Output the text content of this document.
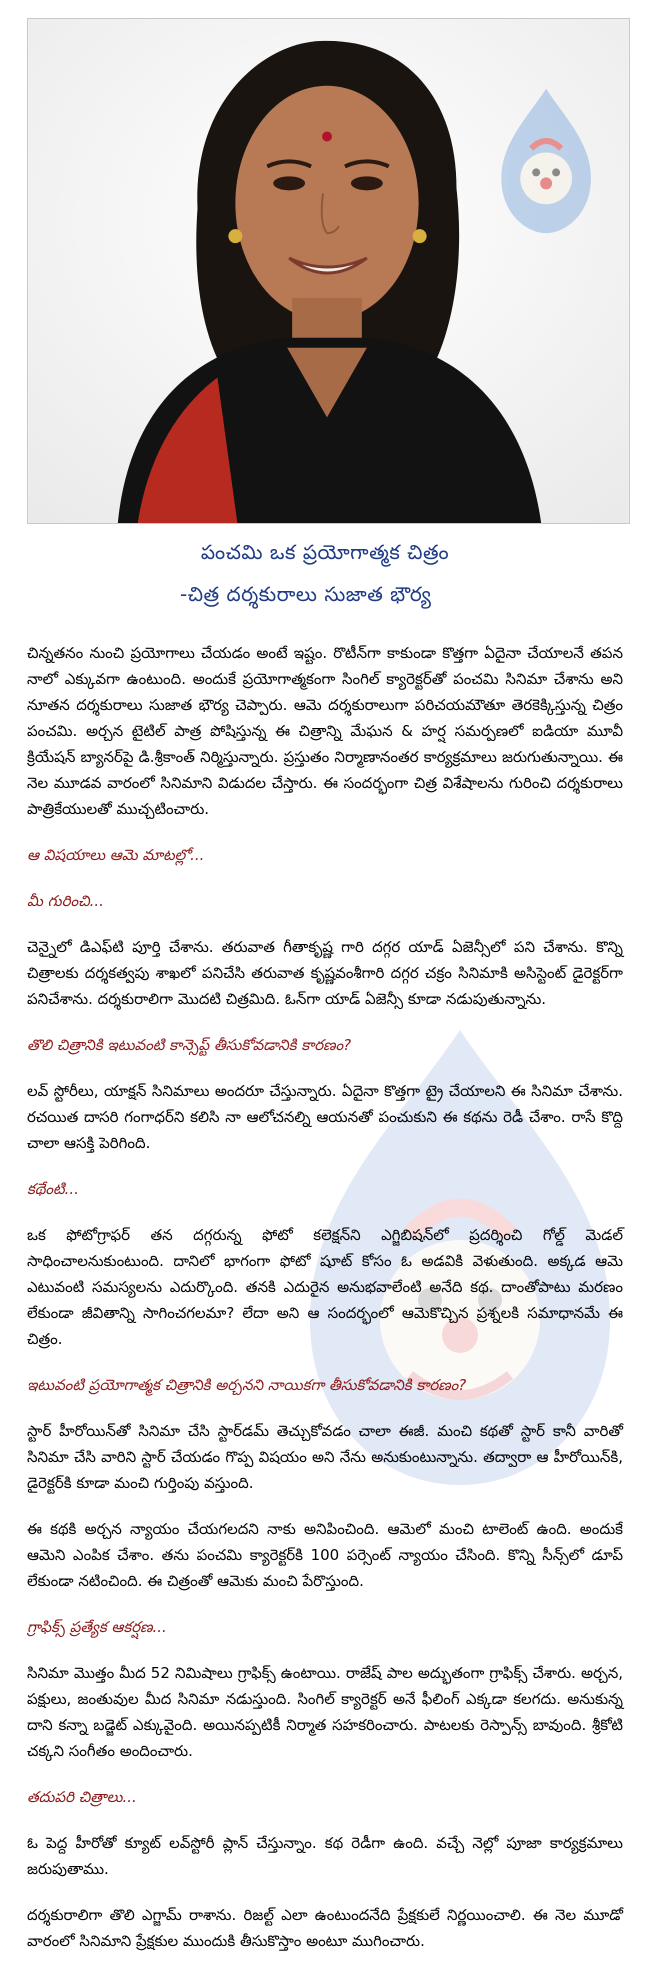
పంచమి ఒక ప్రయోగాత్మక చిత్రం
-చిత్ర దర్శకురాలు సుజాత భౌర్య

చిన్నతనం నుంచి ప్రయోగాలు చేయడం అంటే ఇష్టం. రొటీన్‌గా కాకుండా కొత్తగా ఏదైనా చేయాలనే తపన నాలో ఎక్కువగా ఉంటుంది. అందుకే ప్రయోగాత్మకంగా సింగిల్ క్యారెక్టర్‌తో పంచమి సినిమా చేశాను అని నూతన దర్శకురాలు సుజాత భౌర్య చెప్పారు. ఆమె దర్శకురాలుగా పరిచయమౌతూ తెరకెక్కిస్తున్న చిత్రం పంచమి. అర్చన టైటిల్ పాత్ర పోషిస్తున్న ఈ చిత్రాన్ని మేఘన & హర్ష సమర్పణలో ఐడియా మూవీ క్రియేషన్ బ్యానర్‌పై డి.శ్రీకాంత్ నిర్మిస్తున్నారు. ప్రస్తుతం నిర్మాణానంతర కార్యక్రమాలు జరుగుతున్నాయి. ఈ నెల మూడవ వారంలో సినిమాని విడుదల చేస్తారు. ఈ సందర్భంగా చిత్ర విశేషాలను గురించి దర్శకురాలు పాత్రికేయులతో ముచ్చటించారు.

ఆ విషయాలు ఆమె మాటల్లో...

మీ గురించి...

చెన్నైలో డిఎఫ్‌టి పూర్తి చేశాను. తరువాత గీతాకృష్ణ గారి దగ్గర యాడ్ ఏజెన్సీలో పని చేశాను. కొన్ని చిత్రాలకు దర్శకత్వపు శాఖలో పనిచేసి తరువాత కృష్ణవంశీగారి దగ్గర చక్రం సినిమాకి అసిస్టెంట్ డైరెక్టర్‌గా పనిచేశాను. దర్శకురాలిగా మొదటి చిత్రమిది. ఓన్‌గా యాడ్ ఏజెన్సీ కూడా నడుపుతున్నాను.

తొలి చిత్రానికి ఇటువంటి కాన్సెప్ట్ తీసుకోవడానికి కారణం?

లవ్ స్టోరీలు, యాక్షన్ సినిమాలు అందరూ చేస్తున్నారు. ఏదైనా కొత్తగా ట్రై చేయాలని ఈ సినిమా చేశాను. రచయిత దాసరి గంగాధర్‌ని కలిసి నా ఆలోచనల్ని ఆయనతో పంచుకుని ఈ కథను రెడీ చేశాం. రాసే కొద్ది చాలా ఆసక్తి పెరిగింది.

కథేంటి...

ఒక ఫోటోగ్రాఫర్ తన దగ్గరున్న ఫోటో కలెక్షన్‌ని ఎగ్జిబిషన్‌లో ప్రదర్శించి గోల్డ్ మెడల్ సాధించాలనుకుంటుంది. దానిలో భాగంగా ఫోటో షూట్ కోసం ఓ అడవికి వెళుతుంది. అక్కడ ఆమె ఎటువంటి సమస్యలను ఎదుర్కొంది. తనకి ఎదురైన అనుభవాలేంటి అనేది కథ. దాంతోపాటు మరణం లేకుండా జీవితాన్ని సాగించగలమా? లేదా అని ఆ సందర్భంలో ఆమెకొచ్చిన ప్రశ్నలకి సమాధానమే ఈ చిత్రం.

ఇటువంటి ప్రయోగాత్మక చిత్రానికి అర్చనని నాయికగా తీసుకోవడానికి కారణం?

స్టార్ హీరోయిన్‌తో సినిమా చేసి స్టార్‌డమ్ తెచ్చుకోవడం చాలా ఈజీ. మంచి కథతో స్టార్ కానీ వారితో సినిమా చేసి వారిని స్టార్ చేయడం గొప్ప విషయం అని నేను అనుకుంటున్నాను. తద్వారా ఆ హీరోయిన్‌కి, డైరెక్టర్‌కి కూడా మంచి గుర్తింపు వస్తుంది.

ఈ కథకి అర్చన న్యాయం చేయగలదని నాకు అనిపించింది. ఆమెలో మంచి టాలెంట్ ఉంది. అందుకే ఆమెని ఎంపిక చేశాం. తను పంచమి క్యారెక్టర్‌కి 100 పర్సెంట్ న్యాయం చేసింది. కొన్ని సీన్స్‌లో డూప్ లేకుండా నటించింది. ఈ చిత్రంతో ఆమెకు మంచి పేరొస్తుంది.

గ్రాఫిక్స్ ప్రత్యేక ఆకర్షణ...

సినిమా మొత్తం మీద 52 నిమిషాలు గ్రాఫిక్స్ ఉంటాయి. రాజేష్ పాల అద్భుతంగా గ్రాఫిక్స్ చేశారు. అర్చన, పక్షులు, జంతువుల మీద సినిమా నడుస్తుంది. సింగిల్ క్యారెక్టర్ అనే ఫీలింగ్ ఎక్కడా కలగదు. అనుకున్న దాని కన్నా బడ్జెట్ ఎక్కువైంది. అయినప్పటికీ నిర్మాత సహకరించారు. పాటలకు రెస్పాన్స్ బావుంది. శ్రీకోటి చక్కని సంగీతం అందించారు.

తదుపరి చిత్రాలు...

ఓ పెద్ద హీరోతో క్యూట్ లవ్‌స్టోరీ ప్లాన్ చేస్తున్నాం. కథ రెడీగా ఉంది. వచ్చే నెల్లో పూజా కార్యక్రమాలు జరుపుతాము.

దర్శకురాలిగా తొలి ఎగ్జామ్ రాశాను. రిజల్ట్ ఎలా ఉంటుందనేది ప్రేక్షకులే నిర్ణయించాలి. ఈ నెల మూడో వారంలో సినిమాని ప్రేక్షకుల ముందుకి తీసుకొస్తాం అంటూ ముగించారు.
